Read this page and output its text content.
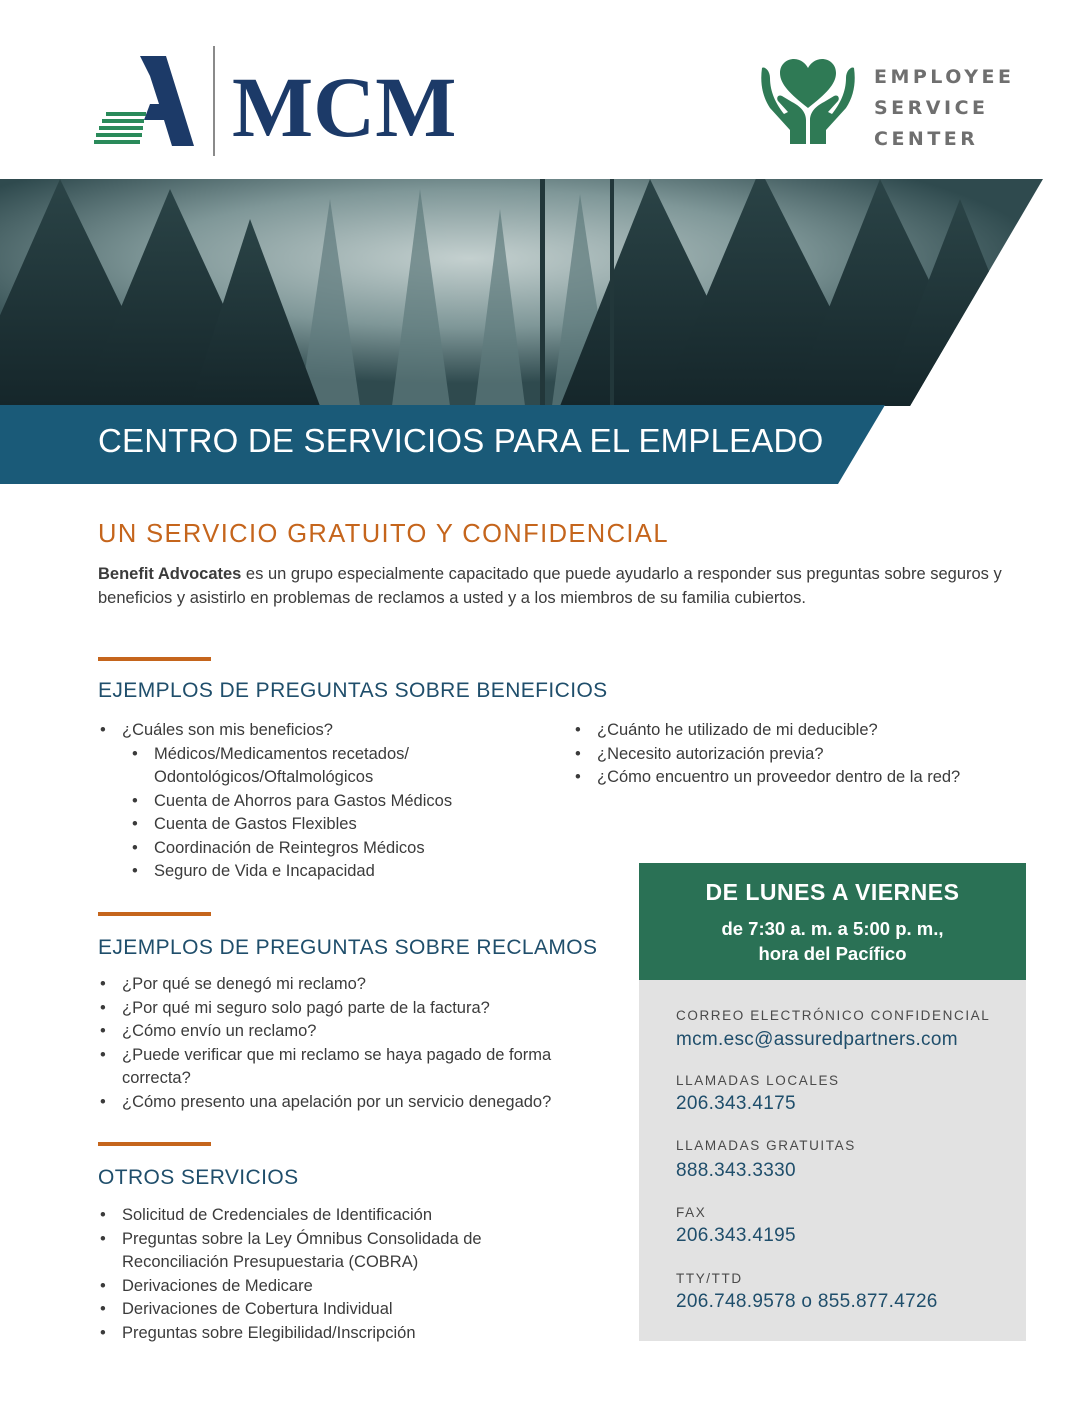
MCM	EMPLOYEE
SERVICE
CENTER
CENTRO DE SERVICIOS PARA EL EMPLEADO
UN SERVICIO GRATUITO Y CONFIDENCIAL
Benefit Advocates es un grupo especialmente capacitado que puede ayudarlo a responder sus preguntas sobre seguros y beneficios y asistirlo en problemas de reclamos a usted y a los miembros de su familia cubiertos.
EJEMPLOS DE PREGUNTAS SOBRE BENEFICIOS
• ¿Cuáles son mis beneficios?
• Médicos/Medicamentos recetados/ Odontológicos/Oftalmológicos
• Cuenta de Ahorros para Gastos Médicos
• Cuenta de Gastos Flexibles
• Coordinación de Reintegros Médicos
• Seguro de Vida e Incapacidad
• ¿Cuánto he utilizado de mi deducible?
• ¿Necesito autorización previa?
• ¿Cómo encuentro un proveedor dentro de la red?
EJEMPLOS DE PREGUNTAS SOBRE RECLAMOS
• ¿Por qué se denegó mi reclamo?
• ¿Por qué mi seguro solo pagó parte de la factura?
• ¿Cómo envío un reclamo?
• ¿Puede verificar que mi reclamo se haya pagado de forma correcta?
• ¿Cómo presento una apelación por un servicio denegado?
OTROS SERVICIOS
• Solicitud de Credenciales de Identificación
• Preguntas sobre la Ley Ómnibus Consolidada de Reconciliación Presupuestaria (COBRA)
• Derivaciones de Medicare
• Derivaciones de Cobertura Individual
• Preguntas sobre Elegibilidad/Inscripción
DE LUNES A VIERNES
de 7:30 a. m. a 5:00 p. m.,
hora del Pacífico
CORREO ELECTRÓNICO CONFIDENCIAL
mcm.esc@assuredpartners.com
LLAMADAS LOCALES
206.343.4175
LLAMADAS GRATUITAS
888.343.3330
FAX
206.343.4195
TTY/TTD
206.748.9578 o 855.877.4726
